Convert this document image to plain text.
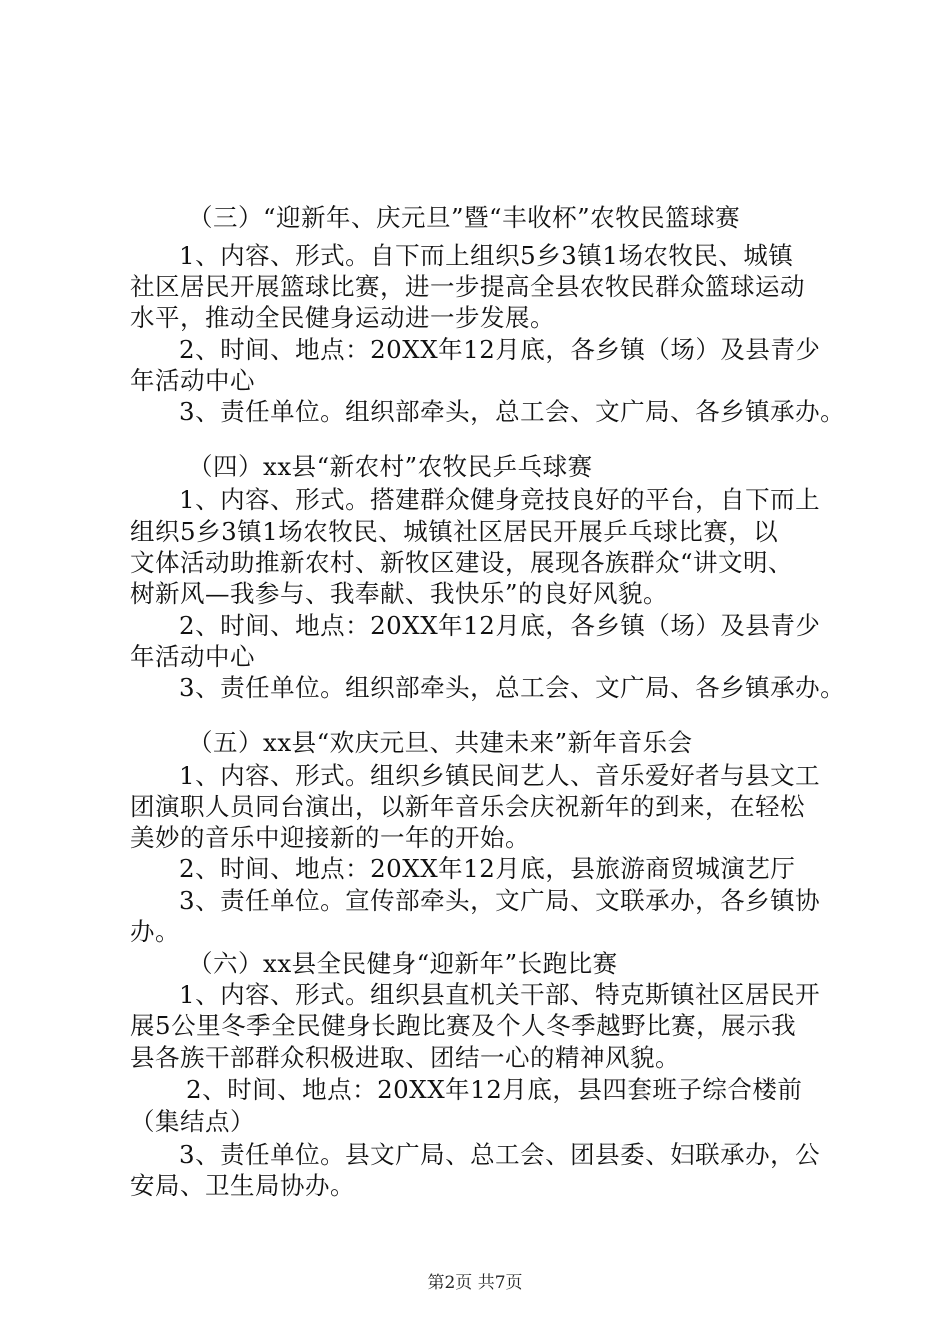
（三）“迎新年、庆元旦”暨“丰收杯”农牧民篮球赛
1、内容、形式。自下而上组织5乡3镇1场农牧民、城镇
社区居民开展篮球比赛，进一步提高全县农牧民群众篮球运动
水平，推动全民健身运动进一步发展。
2、时间、地点：20XX年12月底，各乡镇（场）及县青少
年活动中心
3、责任单位。组织部牵头，总工会、文广局、各乡镇承办。
（四）xx县“新农村”农牧民乒乓球赛
1、内容、形式。搭建群众健身竞技良好的平台，自下而上
组织5乡3镇1场农牧民、城镇社区居民开展乒乓球比赛，以
文体活动助推新农村、新牧区建设，展现各族群众“讲文明、
树新风—我参与、我奉献、我快乐”的良好风貌。
2、时间、地点：20XX年12月底，各乡镇（场）及县青少
年活动中心
3、责任单位。组织部牵头，总工会、文广局、各乡镇承办。
（五）xx县“欢庆元旦、共建未来”新年音乐会
1、内容、形式。组织乡镇民间艺人、音乐爱好者与县文工
团演职人员同台演出，以新年音乐会庆祝新年的到来，在轻松
美妙的音乐中迎接新的一年的开始。
2、时间、地点：20XX年12月底，县旅游商贸城演艺厅
3、责任单位。宣传部牵头，文广局、文联承办，各乡镇协
办。
（六）xx县全民健身“迎新年”长跑比赛
1、内容、形式。组织县直机关干部、特克斯镇社区居民开
展5公里冬季全民健身长跑比赛及个人冬季越野比赛，展示我
县各族干部群众积极进取、团结一心的精神风貌。
2、时间、地点：20XX年12月底，县四套班子综合楼前
（集结点）
3、责任单位。县文广局、总工会、团县委、妇联承办，公
安局、卫生局协办。
第2页 共7页
